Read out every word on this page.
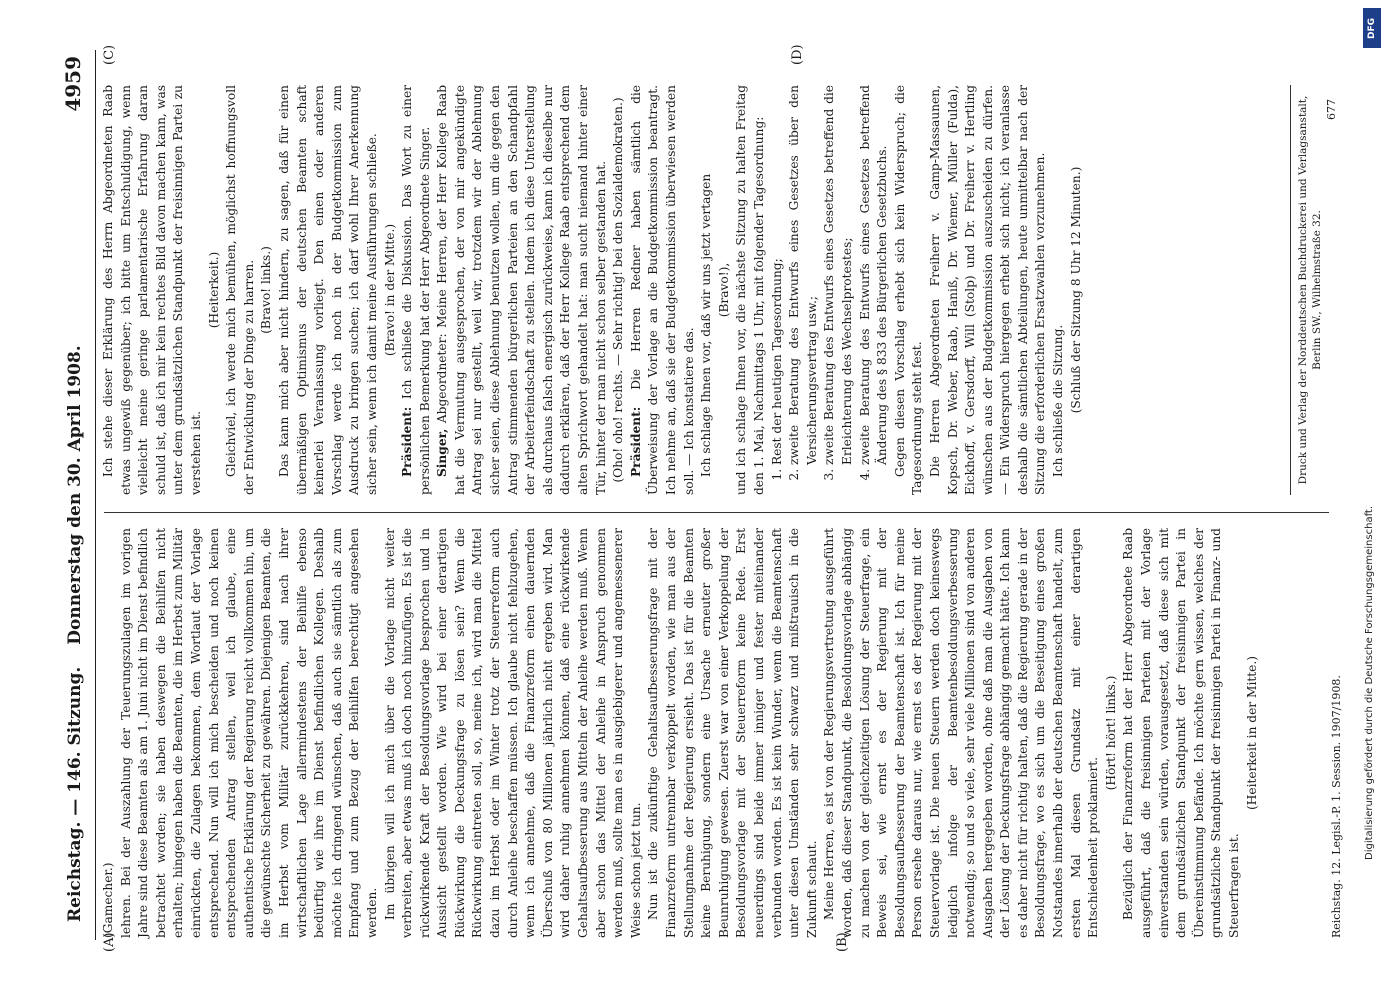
Reichstag. — 146. Sitzung.
Donnerstag den 30. April 1908.
4959
(A)	(B)
(C)	(D)

(Gamecher.) lehren. Bei der Auszahlung der Teuerungszulagen im vorigen Jahre sind diese Beamten als am 1. Juni nicht im Dienst befindlich betrachtet worden; sie haben deswegen die Beihilfen nicht erhalten; hingegen haben die Beamten, die im Herbst zum Militär einrückten, die Zulagen bekommen, dem Wortlaut der Vorlage entsprechend. Nun will ich mich bescheiden und noch keinen entsprechenden Antrag stellen, weil ich glaube, eine authentische Erklärung der Regierung reicht vollkommen hin, um die gewünschte Sicherheit zu gewähren. Diejenigen Beamten, die im Herbst vom Militär zurückkehren, sind nach ihrer wirtschaftlichen Lage allermindestens der Beihilfe ebenso bedürftig wie ihre im Dienst befindlichen Kollegen. Deshalb möchte ich dringend wünschen, daß auch sie sämtlich als zum Empfang und zum Bezug der Beihilfen berechtigt angesehen werden. Im übrigen will ich mich über die Vorlage nicht weiter verbreiten, aber etwas muß ich doch noch hinzufügen. Es ist die rückwirkende Kraft der Besoldungsvorlage besprochen und in Aussicht gestellt worden. Wie wird bei einer derartigen Rückwirkung die Deckungsfrage zu lösen sein? Wenn die Rückwirkung eintreten soll, so, meine ich, wird man die Mittel dazu im Herbst oder im Winter trotz der Steuerreform auch durch Anleihe beschaffen müssen. Ich glaube nicht fehlzugehen, wenn ich annehme, daß die Finanzreform einen dauernden Überschuß von 80 Millionen jährlich nicht ergeben wird. Man wird daher ruhig annehmen können, daß eine rückwirkende Gehaltsaufbesserung aus Mitteln der Anleihe werden muß. Wenn aber schon das Mittel der Anleihe in Anspruch genommen werden muß, sollte man es in ausgiebigerer und angemessenerer Weise schon jetzt tun. Nun ist die zukünftige Gehaltsaufbesserungsfrage mit der Finanzreform untrennbar verkoppelt worden, wie man aus der Stellungnahme der Regierung ersieht. Das ist für die Beamten keine Beruhigung, sondern eine Ursache erneuter großer Beunruhigung gewesen. Zuerst war von einer Verkoppelung der Besoldungsvorlage mit der Steuerreform keine Rede. Erst neuerdings sind beide immer inniger und fester miteinander verbunden worden. Es ist kein Wunder, wenn die Beamtenschaft unter diesen Umständen sehr schwarz und mißtrauisch in die Zukunft schaut. Meine Herren, es ist von der Regierungsvertretung ausgeführt worden, daß dieser Standpunkt, die Besoldungsvorlage abhängig zu machen von der gleichzeitigen Lösung der Steuerfrage, ein Beweis sei, wie ernst es der Regierung mit der Besoldungsaufbesserung der Beamtenschaft ist. Ich für meine Person ersehe daraus nur, wie ernst es der Regierung mit der Steuervorlage ist. Die neuen Steuern werden doch keineswegs lediglich infolge der Beamtenbesoldungsverbesserung notwendig; so und so viele, sehr viele Millionen sind von anderen Ausgaben hergegeben worden, ohne daß man die Ausgaben von der Lösung der Deckungsfrage abhängig gemacht hätte. Ich kann es daher nicht für richtig halten, daß die Regierung gerade in der Besoldungsfrage, wo es sich um die Beseitigung eines großen Notstandes innerhalb der deutschen Beamtenschaft handelt, zum ersten Mal diesen Grundsatz mit einer derartigen Entschiedenheit proklamiert.

(Hört! hört! links.) Bezüglich der Finanzreform hat der Herr Abgeordnete Raab ausgeführt, daß die freisinnigen Parteien mit der Vorlage einverstanden sein würden, vorausgesetzt, daß diese sich mit dem grundsätzlichen Standpunkt der freisinnigen Partei in Übereinstimmung befände. Ich möchte gern wissen, welches der grundsätzliche Standpunkt der freisinnigen Partei in Finanz- und Steuerfragen ist.

(Heiterkeit in der Mitte.)	Reichstag. 12. Legisl.-P. 1. Session. 1907/1908.

Ich stehe dieser Erklärung des Herrn Abgeordneten Raab etwas ungewiß gegenüber; ich bitte um Entschuldigung, wenn vielleicht meine geringe parlamentarische Erfahrung daran schuld ist, daß ich mir kein rechtes Bild davon machen kann, was unter dem grundsätzlichen Standpunkt der freisinnigen Partei zu verstehen ist.

(Heiterkeit.) Gleichviel, ich werde mich bemühen, möglichst hoffnungsvoll der Entwicklung der Dinge zu harren. (Bravo! links.) Das kann mich aber nicht hindern, zu sagen, daß für einen übermäßigen Optimismus der deutschen Beamten schaft keinerlei Veranlassung vorliegt. Den einen oder anderen Vorschlag werde ich noch in der Budgetkommission zum Ausdruck zu bringen suchen; ich darf wohl Ihrer Anerkennung sicher sein, wenn ich damit meine Ausführungen schließe. (Bravo! in der Mitte.)

Präsident: Ich schließe die Diskussion. Das Wort zu einer persönlichen Bemerkung hat der Herr Abgeordnete Singer. Singer, Abgeordneter: Meine Herren, der Herr Kollege Raab hat die Vermutung ausgesprochen, der von mir angekündigte Antrag sei nur gestellt, weil wir, trotzdem wir der Ablehnung sicher seien, diese Ablehnung benutzen wollen, um die gegen den Antrag stimmenden bürgerlichen Parteien an den Schandpfahl der Arbeiterfeindschaft zu stellen. Indem ich diese Unterstellung als durchaus falsch energisch zurückweise, kann ich dieselbe nur dadurch erklären, daß der Herr Kollege Raab entsprechend dem alten Sprichwort gehandelt hat: man sucht niemand hinter einer Tür, hinter der man nicht schon selber gestanden hat. (Oho! oho! rechts. — Sehr richtig! bei den Sozialdemokraten.) Präsident: Die Herren Redner haben sämtlich die Überweisung der Vorlage an die Budgetkommission beantragt. Ich nehme an, daß sie der Budgetkommission überwiesen werden soll. — Ich konstatiere das. Ich schlage Ihnen vor, daß wir uns jetzt vertagen (Bravo!), und ich schlage Ihnen vor, die nächste Sitzung zu halten Freitag den 1. Mai, Nachmittags 1 Uhr, mit folgender Tagesordnung: 1. Rest der heutigen Tagesordnung; 2. zweite Beratung des Entwurfs eines Gesetzes über den Versicherungsvertrag usw.; 3. zweite Beratung des Entwurfs eines Gesetzes betreffend die Erleichterung des Wechselprotestes; 4. zweite Beratung des Entwurfs eines Gesetzes betreffend Änderung des § 833 des Bürgerlichen Gesetzbuchs. Gegen diesen Vorschlag erhebt sich kein Widerspruch; die Tagesordnung steht fest. Die Herren Abgeordneten Freiherr v. Gamp-Massaunen, Kopsch, Dr. Weber, Raab, Haniß, Dr. Wiemer, Müller (Fulda), Eickhoff, v. Gersdorff, Will (Stolp) und Dr. Freiherr v. Hertling wünschen aus der Budgetkommission auszuscheiden zu dürfen. — Ein Widerspruch hiergegen erhebt sich nicht; ich veranlasse deshalb die sämtlichen Abteilungen, heute unmittelbar nach der Sitzung die erforderlichen Ersatzwahlen vorzunehmen. Ich schließe die Sitzung. (Schluß der Sitzung 8 Uhr 12 Minuten.)	Druck und Verlag der Norddeutschen Buchdruckerei und Verlagsanstalt, Berlin SW., Wilhelmstraße 32.
677
DFG
Digitalisierung gefördert durch die Deutsche Forschungsgemeinschaft.
